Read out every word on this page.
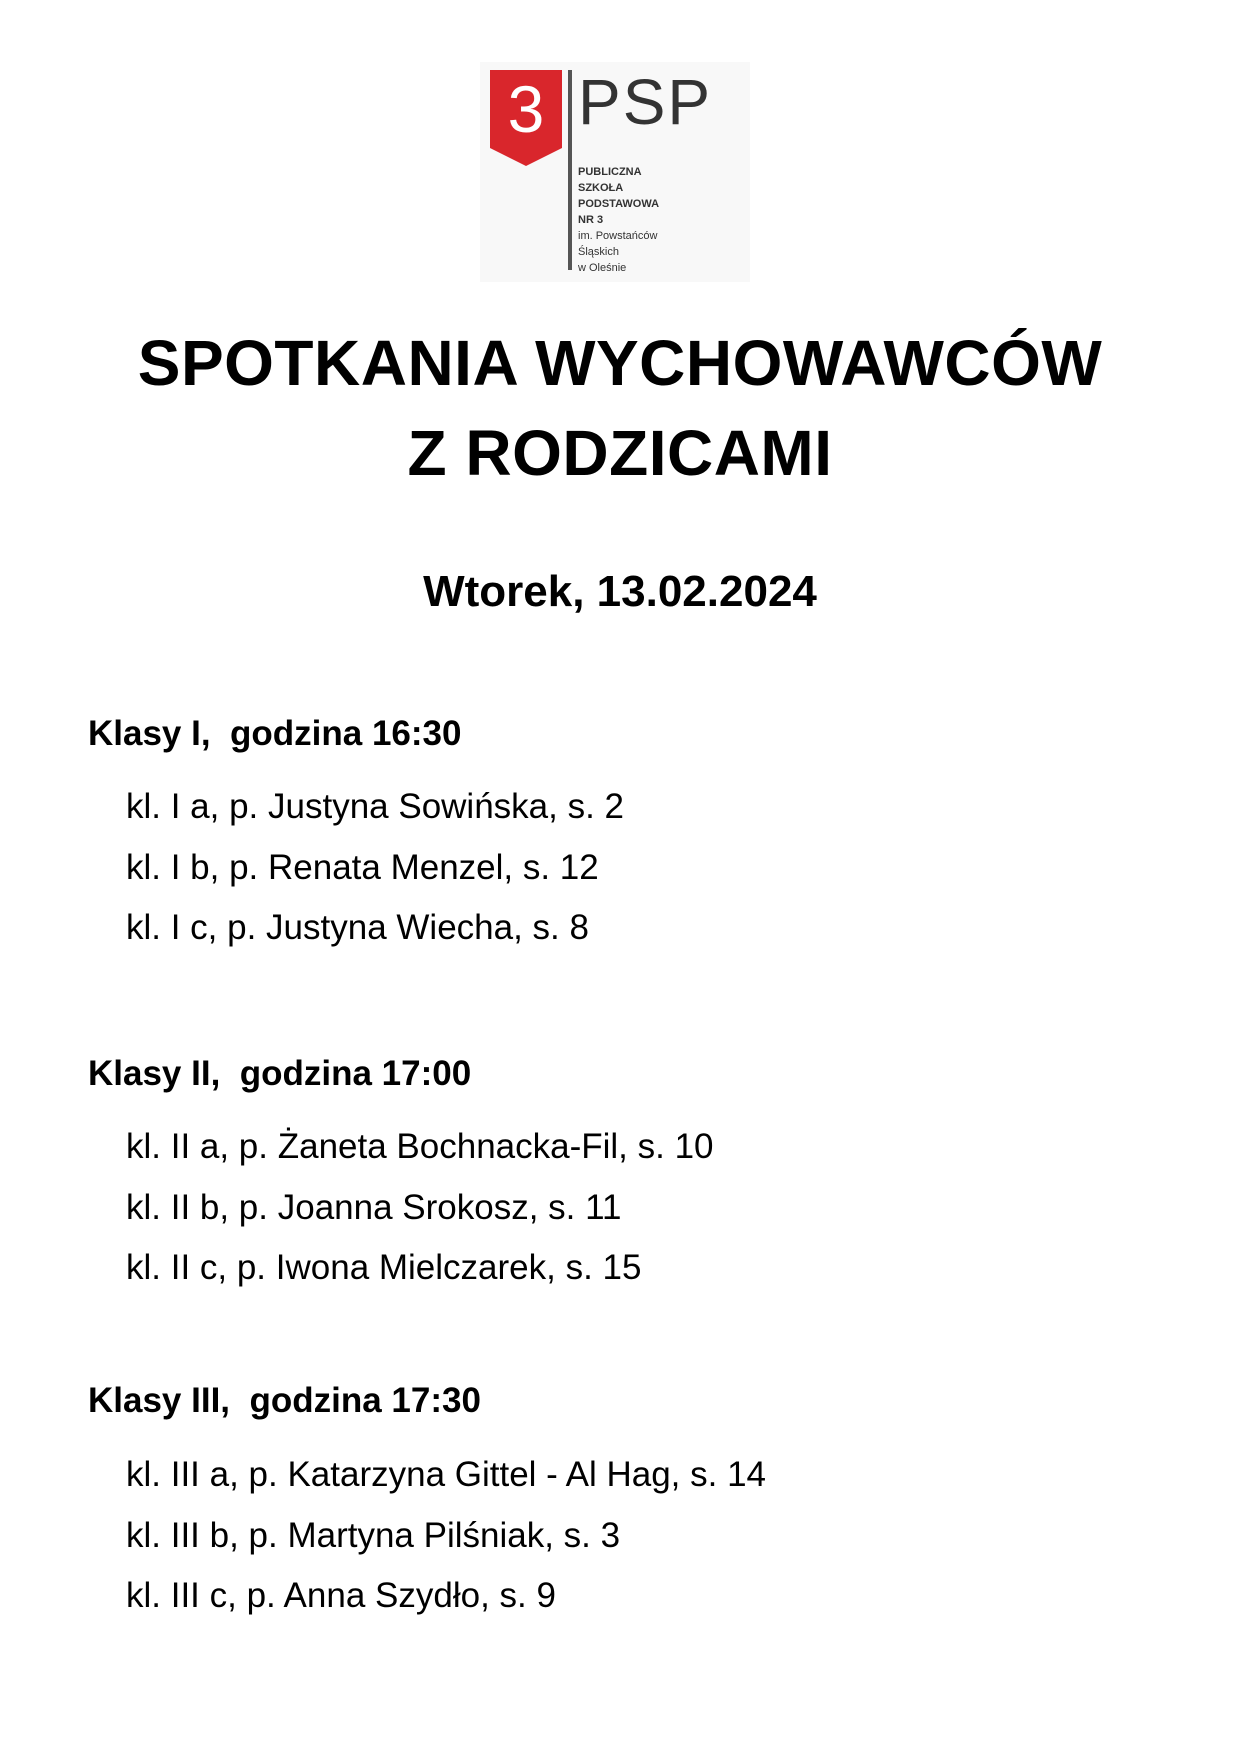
3 PSP
PUBLICZNA
SZKOŁA
PODSTAWOWA
NR 3
im. Powstańców
Śląskich
w Oleśnie
SPOTKANIA WYCHOWAWCÓW
Z RODZICAMI
Wtorek, 13.02.2024
Klasy I,  godzina 16:30
kl. I a, p. Justyna Sowińska, s. 2
kl. I b, p. Renata Menzel, s. 12
kl. I c, p. Justyna Wiecha, s. 8
Klasy II,  godzina 17:00
kl. II a, p. Żaneta Bochnacka-Fil, s. 10
kl. II b, p. Joanna Srokosz, s. 11
kl. II c, p. Iwona Mielczarek, s. 15
Klasy III,  godzina 17:30
kl. III a, p. Katarzyna Gittel - Al Hag, s. 14
kl. III b, p. Martyna Pilśniak, s. 3
kl. III c, p. Anna Szydło, s. 9
